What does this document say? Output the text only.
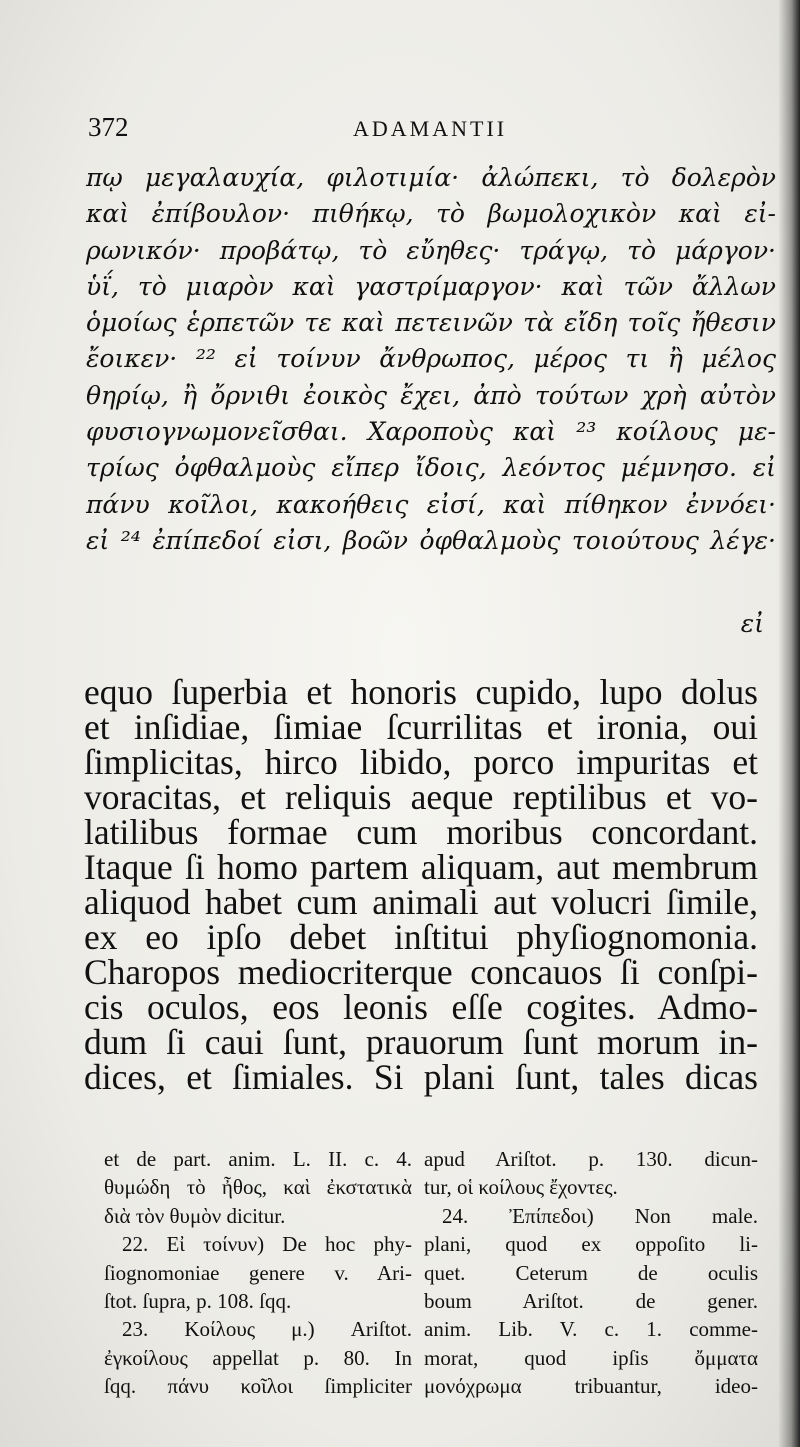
372	ADAMANTII
πῳ μεγαλαυχία, φιλοτιμία· ἀλώπεκι, τὸ δολερὸν
καὶ ἐπίβουλον· πιθήκῳ, τὸ βωμολοχικὸν καὶ εἰ-
ρωνικόν· προβάτῳ, τὸ εὔηθες· τράγῳ, τὸ μάργον·
ὑΐ, τὸ μιαρὸν καὶ γαστρίμαργον· καὶ τῶν ἄλλων
ὁμοίως ἑρπετῶν τε καὶ πετεινῶν τὰ εἴδη τοῖς ἤθεσιν
ἔοικεν· ²² εἰ τοίνυν ἄνθρωπος, μέρος τι ἢ μέλος
θηρίῳ, ἢ ὄρνιθι ἐοικὸς ἔχει, ἀπὸ τούτων χρὴ αὐτὸν
φυσιογνωμονεῖσθαι. Χαροποὺς καὶ ²³ κοίλους με-
τρίως ὀφθαλμοὺς εἴπερ ἴδοις, λεόντος μέμνησο. εἰ
πάνυ κοῖλοι, κακοήθεις εἰσί, καὶ πίθηκον ἐννόει·
εἰ ²⁴ ἐπίπεδοί εἰσι, βοῶν ὀφθαλμοὺς τοιούτους λέγε·
εἰ
equo ſuperbia et honoris cupido, lupo dolus
et inſidiae, ſimiae ſcurrilitas et ironia, oui
ſimplicitas, hirco libido, porco impuritas et
voracitas, et reliquis aeque reptilibus et vo-
latilibus formae cum moribus concordant.
Itaque ſi homo partem aliquam, aut membrum
aliquod habet cum animali aut volucri ſimile,
ex eo ipſo debet inſtitui phyſiognomonia.
Charopos mediocriterque concauos ſi conſpi-
cis oculos, eos leonis eſſe cogites. Admo-
dum ſi caui ſunt, prauorum ſunt morum in-
dices, et ſimiales. Si plani ſunt, tales dicas
et de part. anim. L. II. c. 4.
θυμώδη τὸ ἦθος, καὶ ἐκστατικὰ
διὰ τὸν θυμὸν dicitur.
22. Εἰ τοίνυν) De hoc phy-
ſiognomoniae genere v. Ari-
ſtot. ſupra, p. 108. ſqq.
23. Κοίλους μ.) Ariſtot.
ἐγκοίλους appellat p. 80. In
ſqq. πάνυ κοῖλοι ſimpliciter
apud Ariſtot. p. 130. dicun-
tur, οἱ κοίλους ἔχοντες.
24. Ἐπίπεδοι) Non male.
plani, quod ex oppoſito li-
quet. Ceterum de oculis
boum Ariſtot. de gener.
anim. Lib. V. c. 1. comme-
morat, quod ipſis ὄμματα
μονόχρωμα tribuantur, ideo-
